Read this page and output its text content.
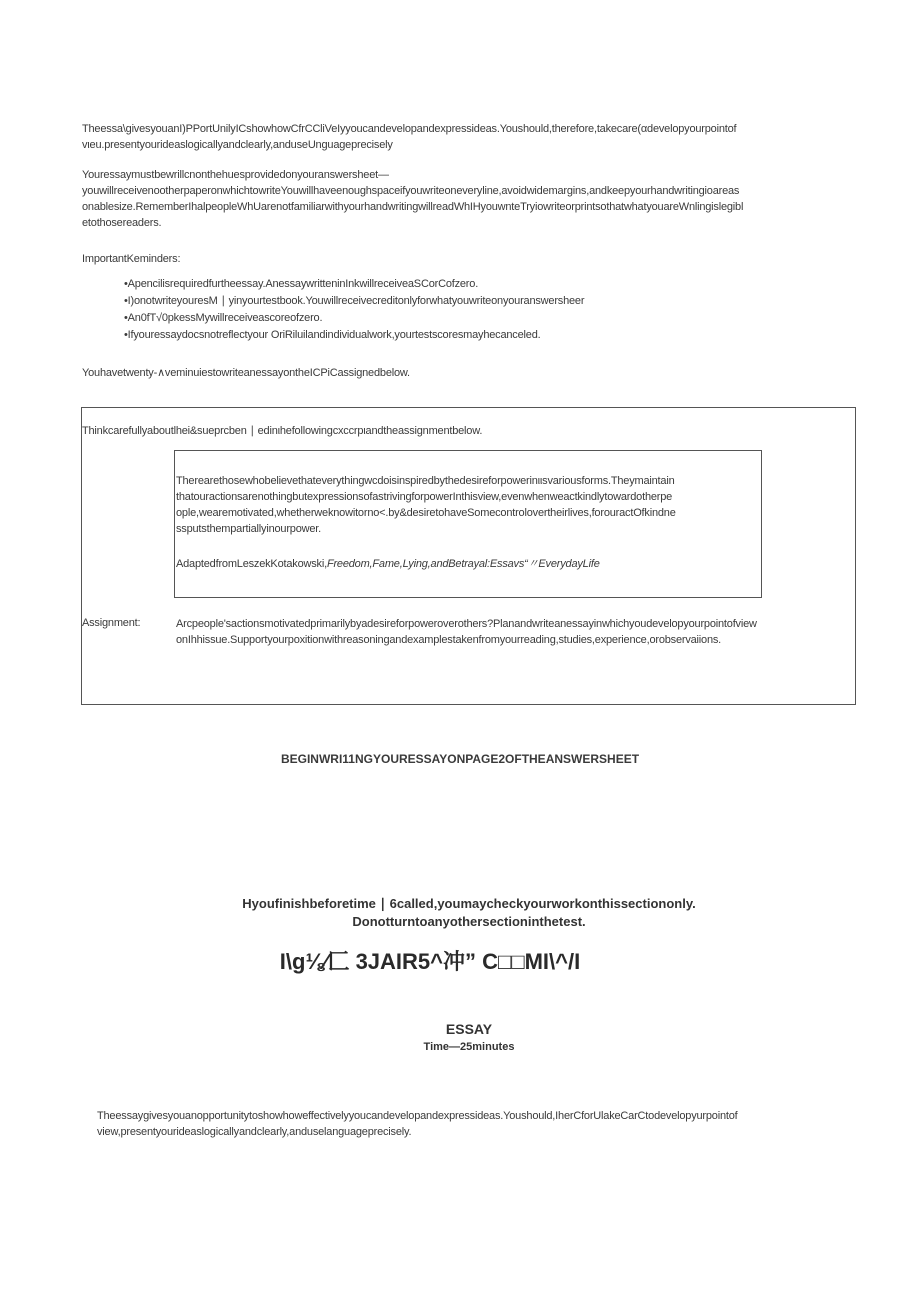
Theessa\givesyouanI)PPortUnilyICshowhowCfrCCliVeIyyoucandevelopandexpressideas.Youshould,therefore,takecare(αdevelopyourpointof

vιeu.presentyourideaslogicallyandclearly,anduseUnguageprecisely

Youressaymustbewrillcnonthehuesprovidedonyouranswersheet—

youwillreceivenootherpaperonwhichtowriteYouwillhaveenoughspaceifyouwriteoneveryline,avoidwidemargins,andkeepyourhandwritingioareas

onablesize.RememberIhalpeopleWhUarenotfamiliarwithyourhandwritingwillreadWhIHyouwnteTryiowriteorprintsothatwhatyouareWnlingislegibl

etothosereaders.

ImportantKeminders:
•Apencilisrequiredfurtheessay.AnessaywritteninInkwillreceiveaSCorCofzero.
•I)onotwriteyouresM ∣ yinyourtestbook.Youwillreceivecreditonlyforwhatyouwriteonyouranswersheer
•An0fT√0pkessMywillreceiveascoreofzero.
•Ifyouressaydocsnotreflectyour OriRiluilandindividualwork,yourtestscoresmayhecanceled.
Youhavetwenty-∧veminuiestowriteanessayontheICPiCassignedbelow.
Thinkcarefullyaboutlhei&sueprcben ∣ edinιhefollowingcxccrpιandtheassignmentbelow.

Therearethosewhobelievethateverythingwcdoisinspiredbythedesireforpowerinιιsvariousforms.Theymaintain

thatouractionsarenothingbutexpressionsofastrivingforpowerInthisview,evenwhenweactkindlytowardotherpe

ople,wearemotivated,whetherweknowitorno<.by&desiretohaveSomecontrolovertheirlives,forouractOfkindne

ssputsthempartiallyinourpower.

AdaptedfromLeszekKotakowski,Freedom,Fame,Lying,andBetrayal:Essavs“〃EverydayLife
Assignment:	Arcpeople'sactionsmotivatedprimarilybyadesireforpoweroverothers?Planandwriteanessayinwhichyoudevelopyourpointofview

onIhhissue.Supportyourpoxitionwithreasoningandexamplestakenfromyourreading,studies,experience,orobservaiions.

BEGINWRI11NGYOURESSAYONPAGE2OFTHEANSWERSHEET
Hyoufinishbeforetime ∣ 6called,youmaycheckyourworkonthissectiononly.
Donotturntoanyothersectioninthetest.
I\g⅛∕匚 3JAIR5^冲” C□□MI\^/I
ESSAY
Time—25minutes

Theessaygivesyouanopportunitytoshowhoweffectivelyyoucandevelopandexpressideas.Youshould,IherCforUlakeCarCtodevelopyurpointof

view,presentyourideaslogicallyandclearly,anduselanguageprecisely.
